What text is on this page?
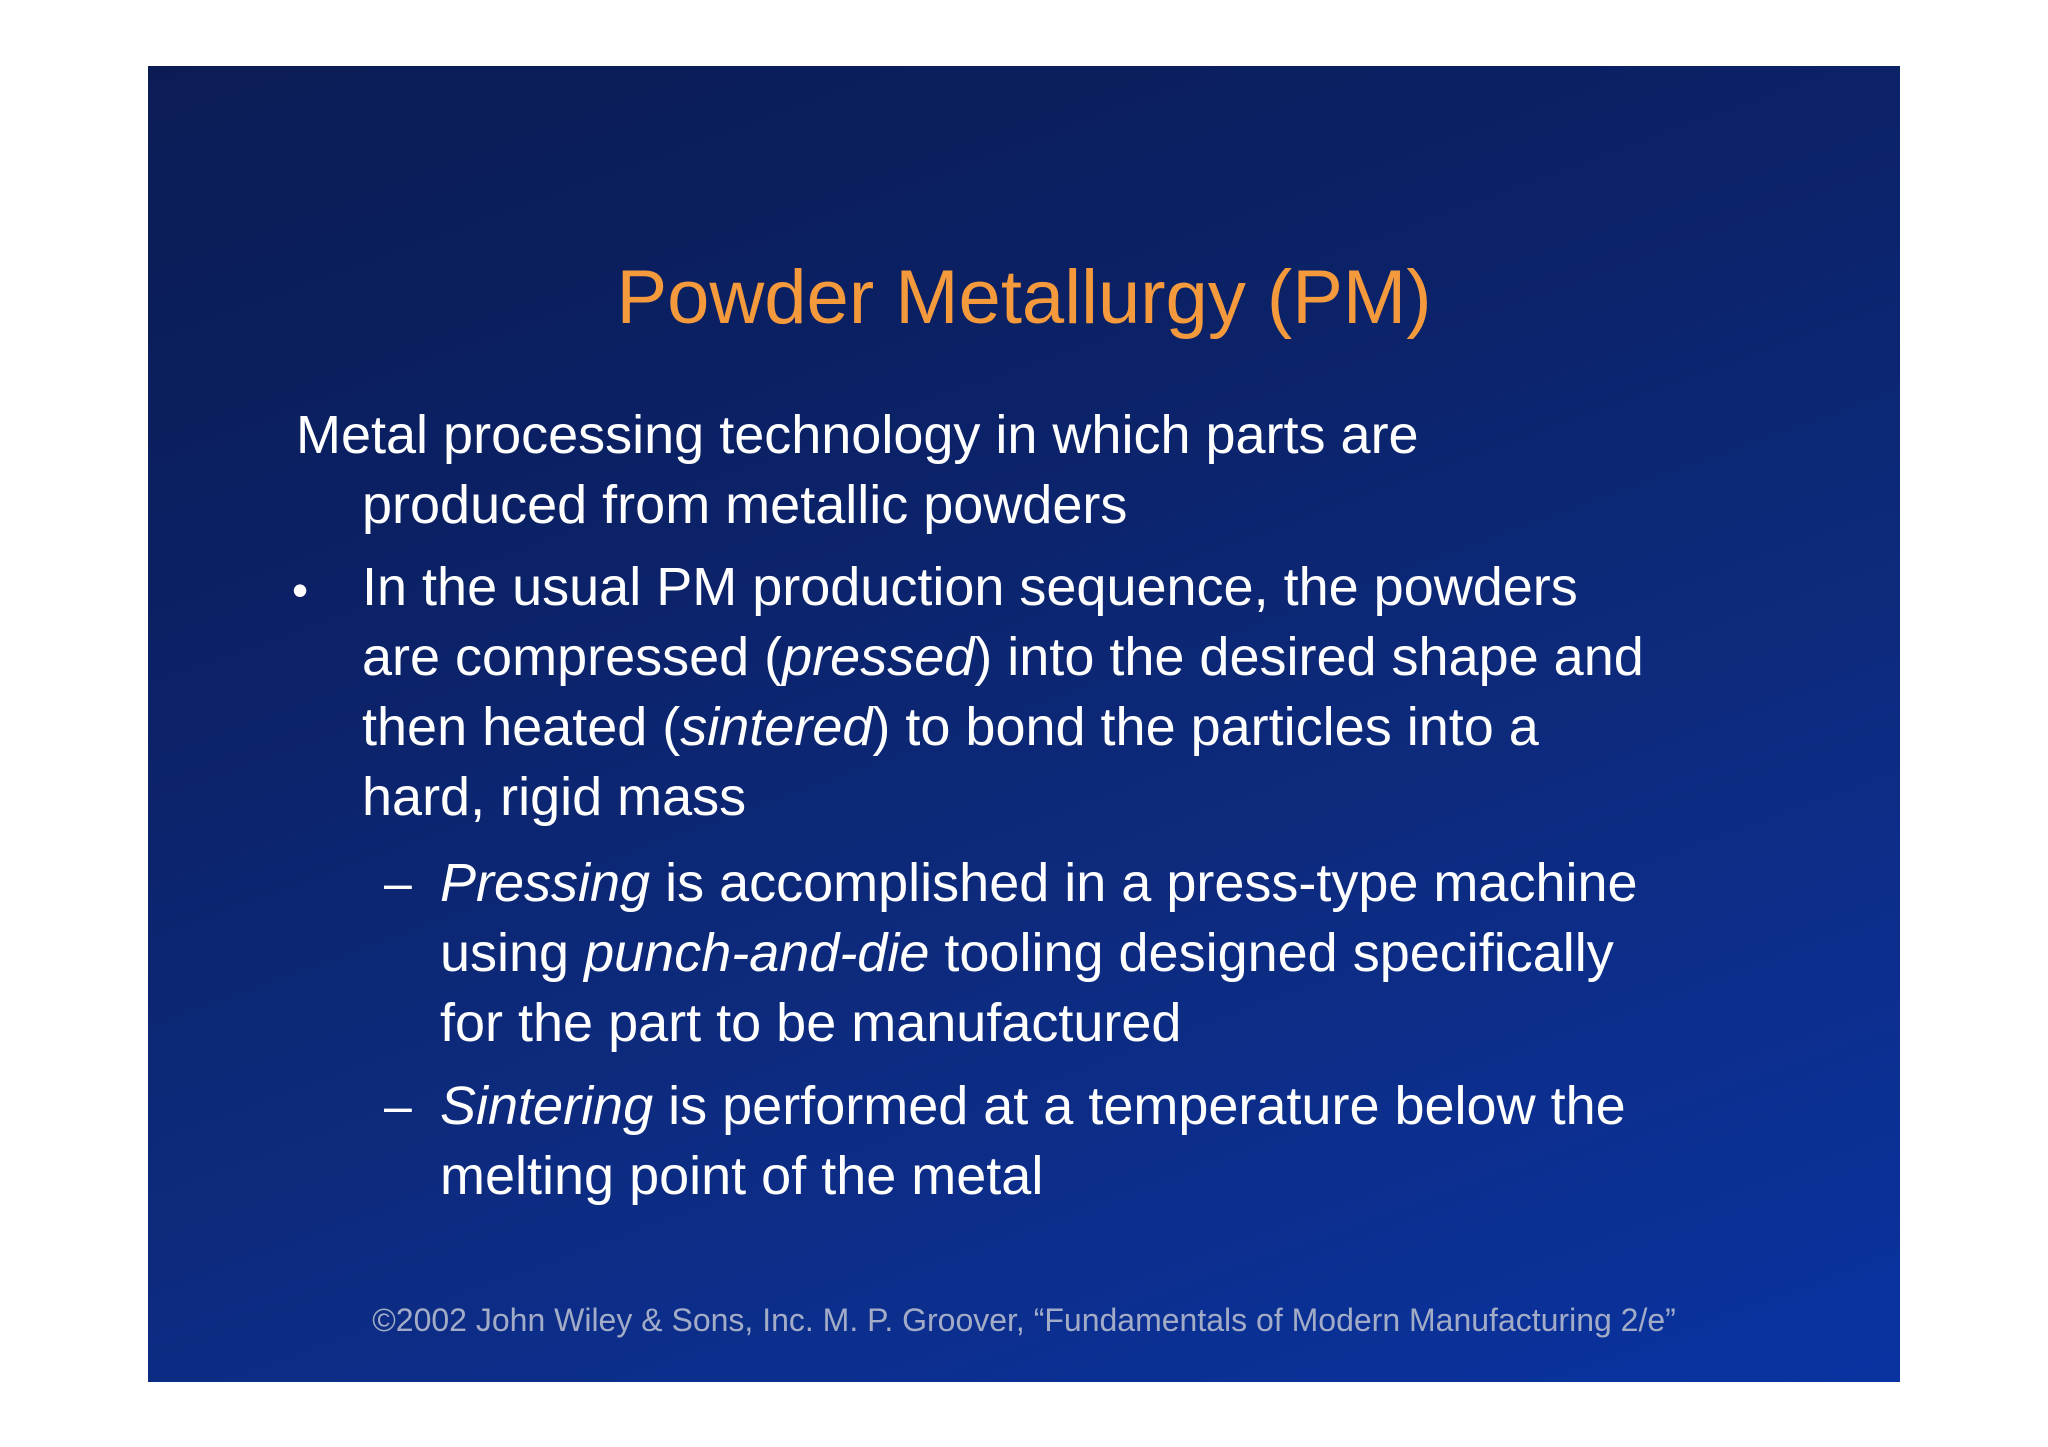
Powder Metallurgy (PM)
Metal processing technology in which parts are
produced from metallic powders
• In the usual PM production sequence, the powders
are compressed (pressed) into the desired shape and
then heated (sintered) to bond the particles into a
hard, rigid mass
– Pressing is accomplished in a press-type machine
using punch-and-die tooling designed specifically
for the part to be manufactured
– Sintering is performed at a temperature below the
melting point of the metal
©2002 John Wiley & Sons, Inc. M. P. Groover, “Fundamentals of Modern Manufacturing 2/e”
